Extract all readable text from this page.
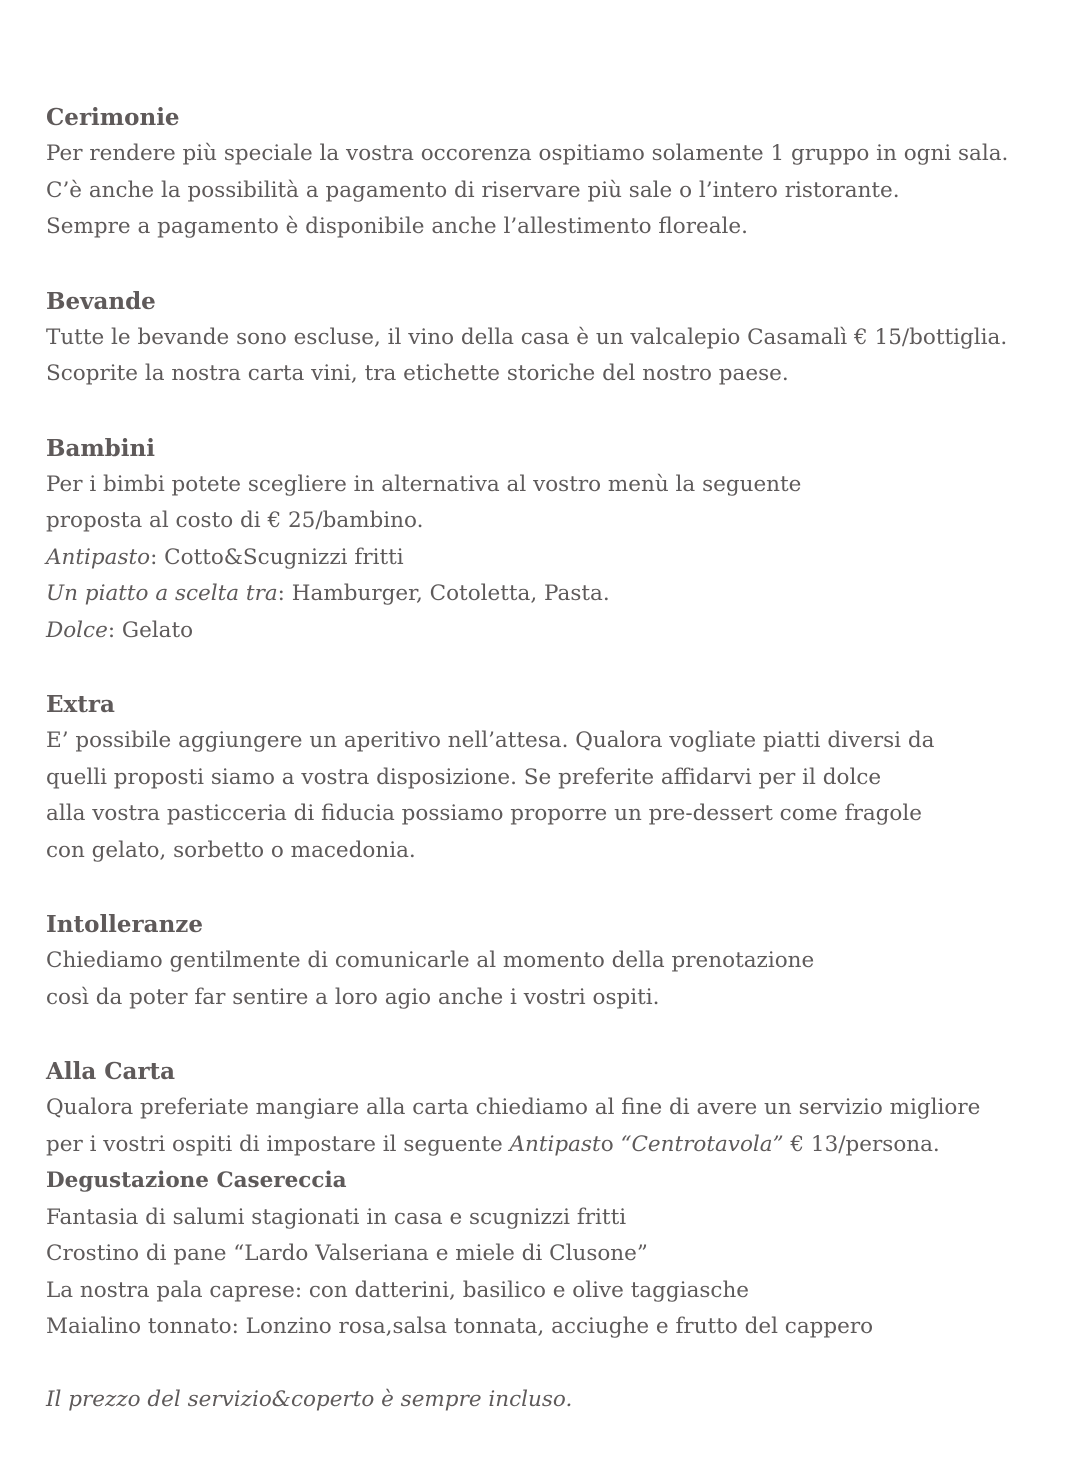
Cerimonie
Per rendere più speciale la vostra occorenza ospitiamo solamente 1 gruppo in ogni sala.
C’è anche la possibilità a pagamento di riservare più sale o l’intero ristorante.
Sempre a pagamento è disponibile anche l’allestimento floreale.
Bevande
Tutte le bevande sono escluse, il vino della casa è un valcalepio Casamalì € 15/bottiglia.
Scoprite la nostra carta vini, tra etichette storiche del nostro paese.
Bambini
Per i bimbi potete scegliere in alternativa al vostro menù la seguente
proposta al costo di € 25/bambino.
Antipasto: Cotto&Scugnizzi fritti
Un piatto a scelta tra: Hamburger, Cotoletta, Pasta.
Dolce: Gelato
Extra
E’ possibile aggiungere un aperitivo nell’attesa. Qualora vogliate piatti diversi da
quelli proposti siamo a vostra disposizione. Se preferite affidarvi per il dolce
alla vostra pasticceria di fiducia possiamo proporre un pre-dessert come fragole
con gelato, sorbetto o macedonia.
Intolleranze
Chiediamo gentilmente di comunicarle al momento della prenotazione
così da poter far sentire a loro agio anche i vostri ospiti.
Alla Carta
Qualora preferiate mangiare alla carta chiediamo al fine di avere un servizio migliore
per i vostri ospiti di impostare il seguente Antipasto “Centrotavola” € 13/persona.
Degustazione Casereccia
Fantasia di salumi stagionati in casa e scugnizzi fritti
Crostino di pane “Lardo Valseriana e miele di Clusone”
La nostra pala caprese: con datterini, basilico e olive taggiasche
Maialino tonnato: Lonzino rosa,salsa tonnata, acciughe e frutto del cappero
Il prezzo del servizio&coperto è sempre incluso.
